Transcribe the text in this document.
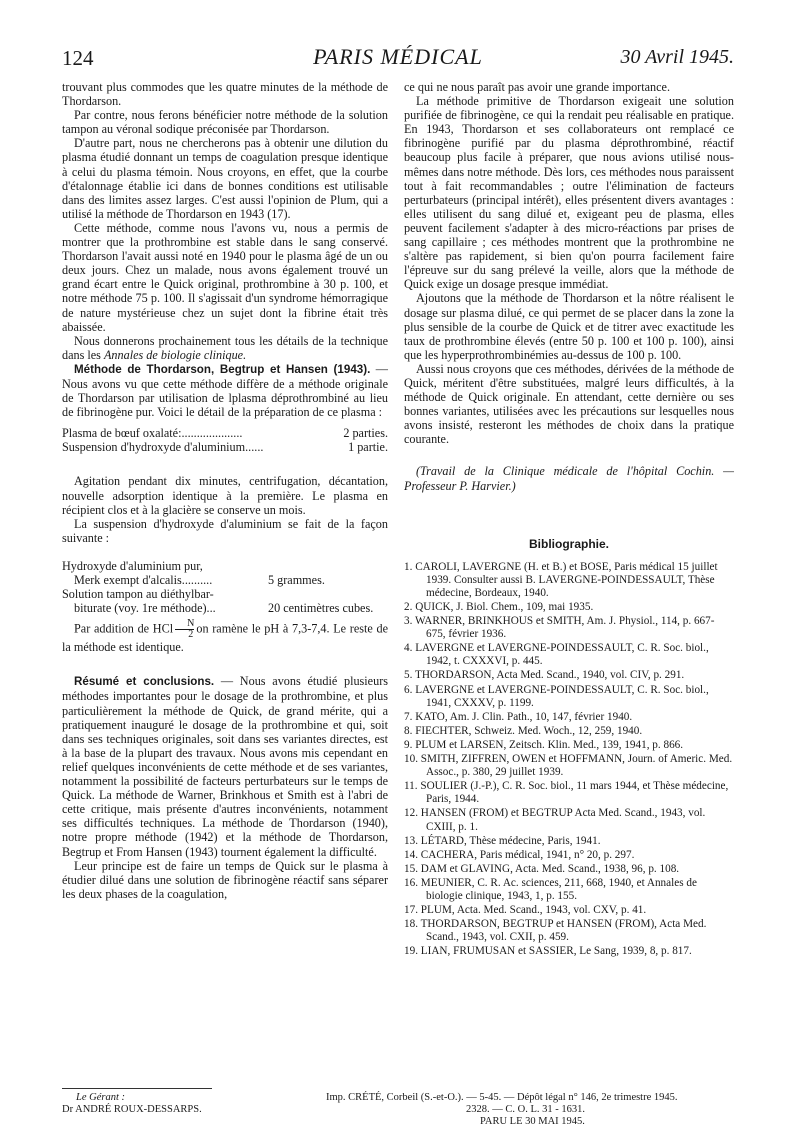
124	PARIS MÉDICAL	30 Avril 1945.

trouvant plus commodes que les quatre minutes de la méthode de Thordarson.

Par contre, nous ferons bénéficier notre méthode de la solution tampon au véronal sodique préconisée par Thordarson.

D'autre part, nous ne chercherons pas à obtenir une dilution du plasma étudié donnant un temps de coagulation presque identique à celui du plasma témoin. Nous croyons, en effet, que la courbe d'étalonnage établie ici dans de bonnes conditions est utilisable dans des limites assez larges. C'est aussi l'opinion de Plum, qui a utilisé la méthode de Thordarson en 1943 (17).

Cette méthode, comme nous l'avons vu, nous a permis de montrer que la prothrombine est stable dans le sang conservé. Thordarson l'avait aussi noté en 1940 pour le plasma âgé de un ou deux jours. Chez un malade, nous avons également trouvé un grand écart entre le Quick original, prothrombine à 30 p. 100, et notre méthode 75 p. 100. Il s'agissait d'un syndrome hémorragique de nature mystérieuse chez un sujet dont la fibrine était très abaissée.

Nous donnerons prochainement tous les détails de la technique dans les Annales de biologie clinique.

Méthode de Thordarson, Begtrup et Hansen (1943). — Nous avons vu que cette méthode diffère de a méthode originale de Thordarson par utilisation de lplasma déprothrombiné au lieu de fibrinogène pur. Voici le détail de la préparation de ce plasma :

Plasma de bœuf oxalaté:....................	2 parties.
Suspension d'hydroxyde d'aluminium......	1 partie.

Agitation pendant dix minutes, centrifugation, décantation, nouvelle adsorption identique à la première. Le plasma en récipient clos et à la glacière se conserve un mois.

La suspension d'hydroxyde d'aluminium se fait de la façon suivante :

Hydroxyde d'aluminium pur,
Merk exempt d'alcalis..........	5 grammes.
Solution tampon au diéthylbar-
biturate (voy. 1re méthode)...	20 centimètres cubes.

Par addition de HCl $\frac{N}{2}$ on ramène le pH à 7,3-7,4. Le reste de la méthode est identique.

Résumé et conclusions. — Nous avons étudié plusieurs méthodes importantes pour le dosage de la prothrombine, et plus particulièrement la méthode de Quick, de grand mérite, qui a pratiquement inauguré le dosage de la prothrombine et qui, soit dans ses techniques originales, soit dans ses variantes directes, est à la base de la plupart des travaux. Nous avons mis cependant en relief quelques inconvénients de cette méthode et de ses variantes, notamment la possibilité de facteurs perturbateurs sur le temps de Quick. La méthode de Warner, Brinkhous et Smith est à l'abri de cette critique, mais présente d'autres inconvénients, notamment ses difficultés techniques. La méthode de Thordarson (1940), notre propre méthode (1942) et la méthode de Thordarson, Begtrup et From Hansen (1943) tournent également la difficulté.

Leur principe est de faire un temps de Quick sur le plasma à étudier dilué dans une solution de fibrinogène réactif sans séparer les deux phases de la coagulation,

ce qui ne nous paraît pas avoir une grande importance.

La méthode primitive de Thordarson exigeait une solution purifiée de fibrinogène, ce qui la rendait peu réalisable en pratique. En 1943, Thordarson et ses collaborateurs ont remplacé ce fibrinogène purifié par du plasma déprothrombiné, réactif beaucoup plus facile à préparer, que nous avions utilisé nous-mêmes dans notre méthode. Dès lors, ces méthodes nous paraissent tout à fait recommandables ; outre l'élimination de facteurs perturbateurs (principal intérêt), elles présentent divers avantages : elles utilisent du sang dilué et, exigeant peu de plasma, elles peuvent facilement s'adapter à des micro-réactions par prises de sang capillaire ; ces méthodes montrent que la prothrombine ne s'altère pas rapidement, si bien qu'on pourra facilement faire l'épreuve sur du sang prélevé la veille, alors que la méthode de Quick exige un dosage presque immédiat.

Ajoutons que la méthode de Thordarson et la nôtre réalisent le dosage sur plasma dilué, ce qui permet de se placer dans la zone la plus sensible de la courbe de Quick et de titrer avec exactitude les taux de prothrombine élevés (entre 50 p. 100 et 100 p. 100), ainsi que les hyperprothrombinémies au-dessus de 100 p. 100.

Aussi nous croyons que ces méthodes, dérivées de la méthode de Quick, méritent d'être substituées, malgré leurs difficultés, à la méthode de Quick originale. En attendant, cette dernière ou ses bonnes variantes, utilisées avec les précautions sur lesquelles nous avons insisté, resteront les méthodes de choix dans la pratique courante.

(Travail de la Clinique médicale de l'hôpital Cochin. — Professeur P. Harvier.)

Bibliographie.
1. CAROLI, LAVERGNE (H. et B.) et BOSE, Paris médical 15 juillet 1939. Consulter aussi B. LAVERGNE-POINDESSAULT, Thèse médecine, Bordeaux, 1940.
2. QUICK, J. Biol. Chem., 109, mai 1935.
3. WARNER, BRINKHOUS et SMITH, Am. J. Physiol., 114, p. 667-675, février 1936.
4. LAVERGNE et LAVERGNE-POINDESSAULT, C. R. Soc. biol., 1942, t. CXXXVI, p. 445.
5. THORDARSON, Acta Med. Scand., 1940, vol. CIV, p. 291.
6. LAVERGNE et LAVERGNE-POINDESSAULT, C. R. Soc. biol., 1941, CXXXV, p. 1199.
7. KATO, Am. J. Clin. Path., 10, 147, février 1940.
8. FIECHTER, Schweiz. Med. Woch., 12, 259, 1940.
9. PLUM et LARSEN, Zeitsch. Klin. Med., 139, 1941, p. 866.
10. SMITH, ZIFFREN, OWEN et HOFFMANN, Journ. of Americ. Med. Assoc., p. 380, 29 juillet 1939.
11. SOULIER (J.-P.), C. R. Soc. biol., 11 mars 1944, et Thèse médecine, Paris, 1944.
12. HANSEN (FROM) et BEGTRUP Acta Med. Scand., 1943, vol. CXIII, p. 1.
13. LÉTARD, Thèse médecine, Paris, 1941.
14. CACHERA, Paris médical, 1941, n° 20, p. 297.
15. DAM et GLAVING, Acta. Med. Scand., 1938, 96, p. 108.
16. MEUNIER, C. R. Ac. sciences, 211, 668, 1940, et Annales de biologie clinique, 1943, 1, p. 155.
17. PLUM, Acta. Med. Scand., 1943, vol. CXV, p. 41.
18. THORDARSON, BEGTRUP et HANSEN (FROM), Acta Med. Scand., 1943, vol. CXII, p. 459.
19. LIAN, FRUMUSAN et SASSIER, Le Sang, 1939, 8, p. 817.
Le Gérant :
Dr ANDRÉ ROUX-DESSARPS.
Imp. CRÉTÉ, Corbeil (S.-et-O.). — 5-45. — Dépôt légal n° 146, 2e trimestre 1945.
2328. — C. O. L. 31 - 1631.
PARU LE 30 MAI 1945.
